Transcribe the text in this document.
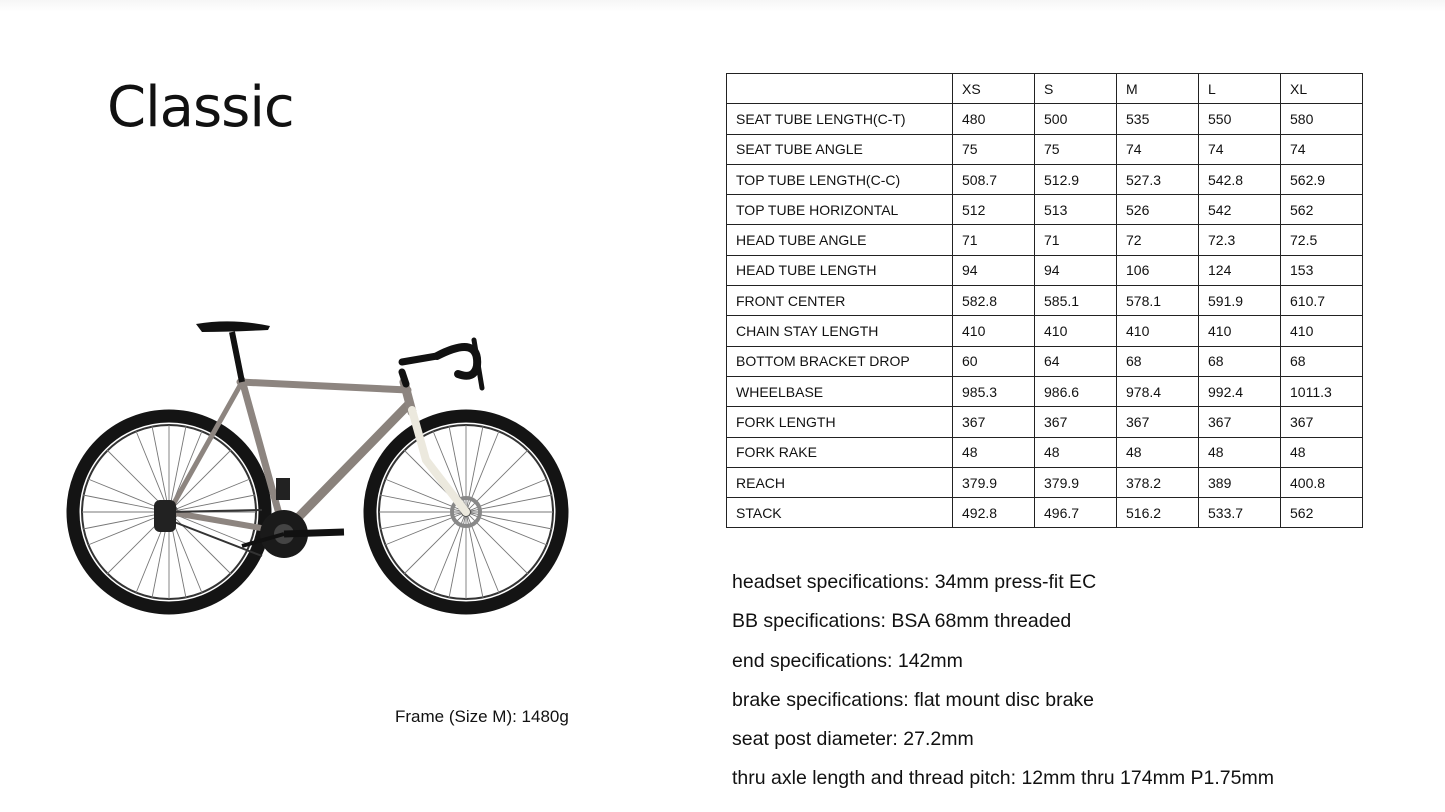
Classic
Frame (Size M): 1480g
	XS	S	M	L	XL
SEAT TUBE LENGTH(C-T)	480	500	535	550	580
SEAT TUBE ANGLE	75	75	74	74	74
TOP TUBE LENGTH(C-C)	508.7	512.9	527.3	542.8	562.9
TOP TUBE HORIZONTAL	512	513	526	542	562
HEAD TUBE ANGLE	71	71	72	72.3	72.5
HEAD TUBE LENGTH	94	94	106	124	153
FRONT CENTER	582.8	585.1	578.1	591.9	610.7
CHAIN STAY LENGTH	410	410	410	410	410
BOTTOM BRACKET DROP	60	64	68	68	68
WHEELBASE	985.3	986.6	978.4	992.4	1011.3
FORK LENGTH	367	367	367	367	367
FORK RAKE	48	48	48	48	48
REACH	379.9	379.9	378.2	389	400.8
STACK	492.8	496.7	516.2	533.7	562
headset specifications: 34mm press-fit EC
BB specifications: BSA 68mm threaded
end specifications: 142mm
brake specifications: flat mount disc brake
seat post diameter: 27.2mm
thru axle length and thread pitch: 12mm thru 174mm P1.75mm
